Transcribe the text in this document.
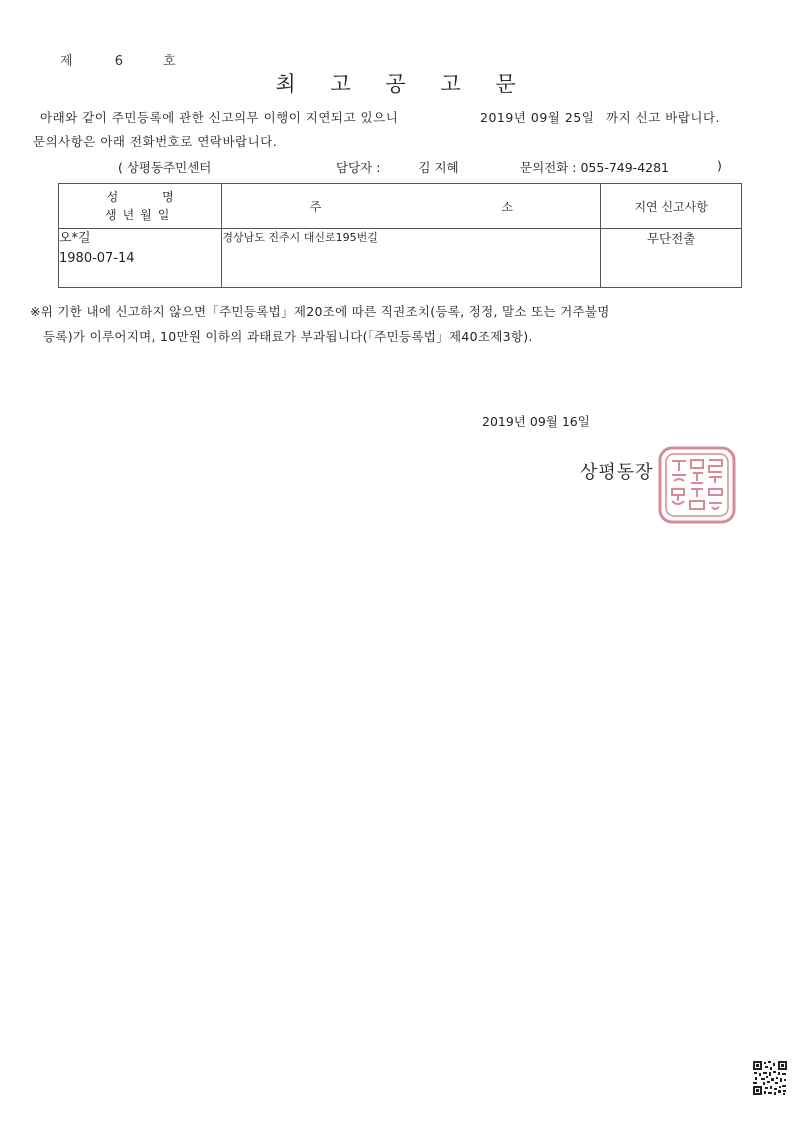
제	6	호
최 고 공 고 문
아래와 같이 주민등록에 관한 신고의무 이행이 지연되고 있으니	2019년 09월 25일 까지 신고 바랍니다.
문의사항은 아래 전화번호로 연락바랍니다.
( 상평동주민센터	담당자 :	김 지혜	문의전화 : 055-749-4281	)
성명
생년월일	주 소	지연 신고사항

오*길
1980-07-14	경상남도 진주시 대신로195번길	무단전출
※위 기한 내에 신고하지 않으면「주민등록법」제20조에 따른 직권조치(등록, 정정, 말소 또는 거주불명
등록)가 이루어지며, 10만원 이하의 과태료가 부과됩니다(「주민등록법」제40조제3항).
2019년 09월 16일
상평동장
